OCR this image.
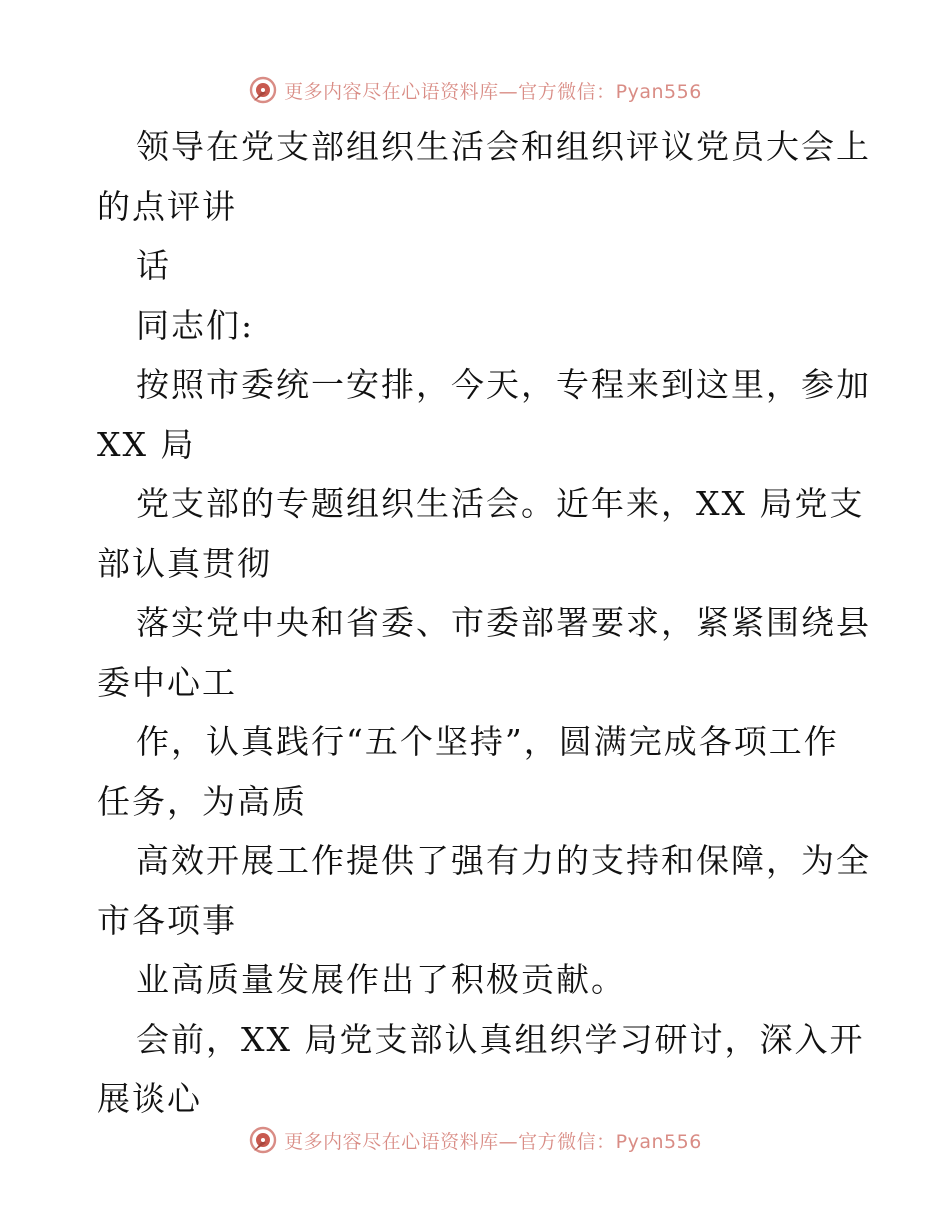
更多内容尽在心语资料库—官方微信：Pyan556
领导在党支部组织生活会和组织评议党员大会上
的点评讲
话
同志们:
按照市委统一安排，今天，专程来到这里，参加
XX 局
党支部的专题组织生活会。近年来，XX 局党支
部认真贯彻
落实党中央和省委、市委部署要求，紧紧围绕县
委中心工
作，认真践行“五个坚持”，圆满完成各项工作
任务，为高质
高效开展工作提供了强有力的支持和保障，为全
市各项事
业高质量发展作出了积极贡献。
会前，XX 局党支部认真组织学习研讨，深入开
展谈心
更多内容尽在心语资料库—官方微信：Pyan556
